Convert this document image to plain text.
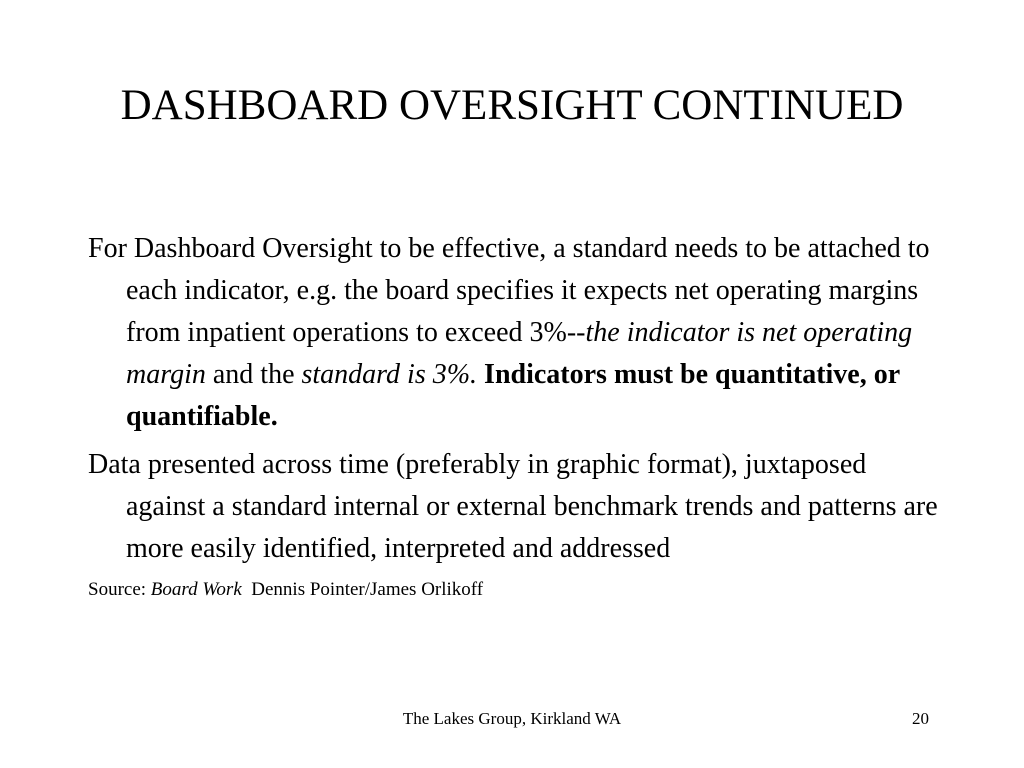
DASHBOARD OVERSIGHT CONTINUED

For Dashboard Oversight to be effective, a standard needs to be attached to each indicator, e.g. the board specifies it expects net operating margins from inpatient operations to exceed 3%--the indicator is net operating margin and the standard is 3%. Indicators must be quantitative, or quantifiable.

Data presented across time (preferably in graphic format), juxtaposed against a standard internal or external benchmark trends and patterns are more easily identified, interpreted and addressed

Source: Board Work Dennis Pointer/James Orlikoff

The Lakes Group, Kirkland WA	20
